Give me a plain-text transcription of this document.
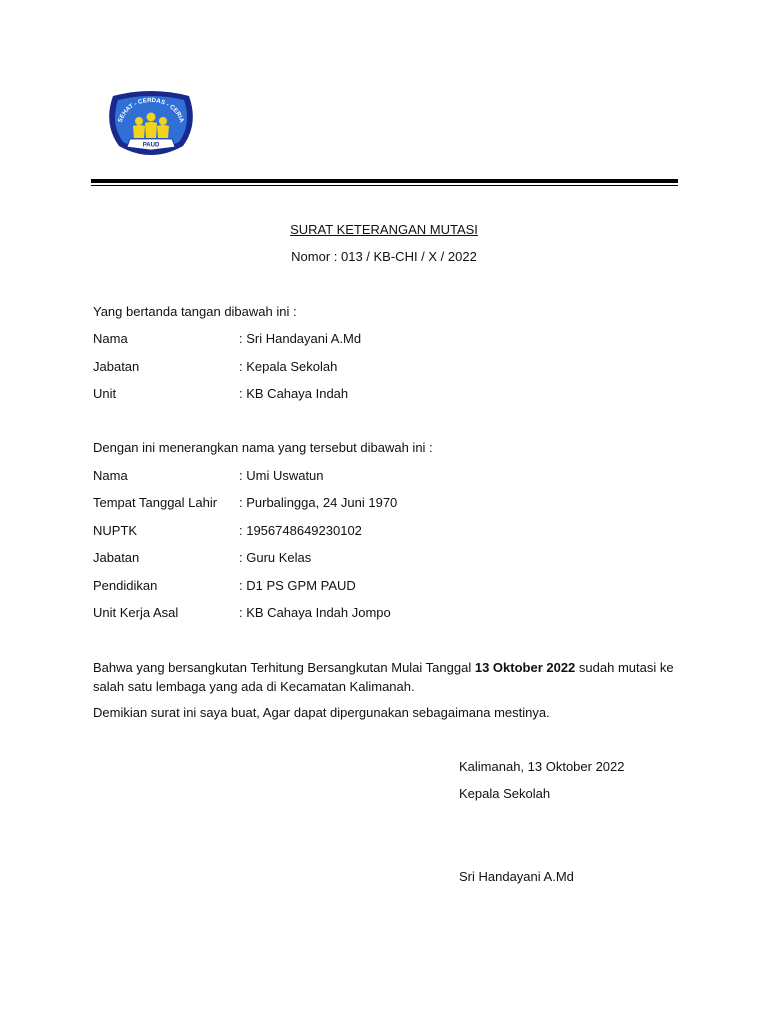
SEHAT - CERDAS - CERIA
PAUD
SURAT KETERANGAN MUTASI
Nomor : 013 / KB-CHI / X / 2022
Yang bertanda tangan dibawah ini :
Nama	: Sri Handayani A.Md
Jabatan	: Kepala Sekolah
Unit	: KB Cahaya Indah
Dengan ini menerangkan nama yang tersebut dibawah ini :
Nama	: Umi Uswatun
Tempat Tanggal Lahir : Purbalingga, 24 Juni 1970
NUPTK	: 1956748649230102
Jabatan	: Guru Kelas
Pendidikan	: D1 PS GPM PAUD
Unit Kerja Asal	: KB Cahaya Indah Jompo
Bahwa yang bersangkutan Terhitung Bersangkutan Mulai Tanggal 13 Oktober 2022 sudah mutasi ke salah satu lembaga yang ada di Kecamatan Kalimanah.
Demikian surat ini saya buat, Agar dapat dipergunakan sebagaimana mestinya.
Kalimanah, 13 Oktober 2022
Kepala Sekolah
Sri Handayani A.Md
